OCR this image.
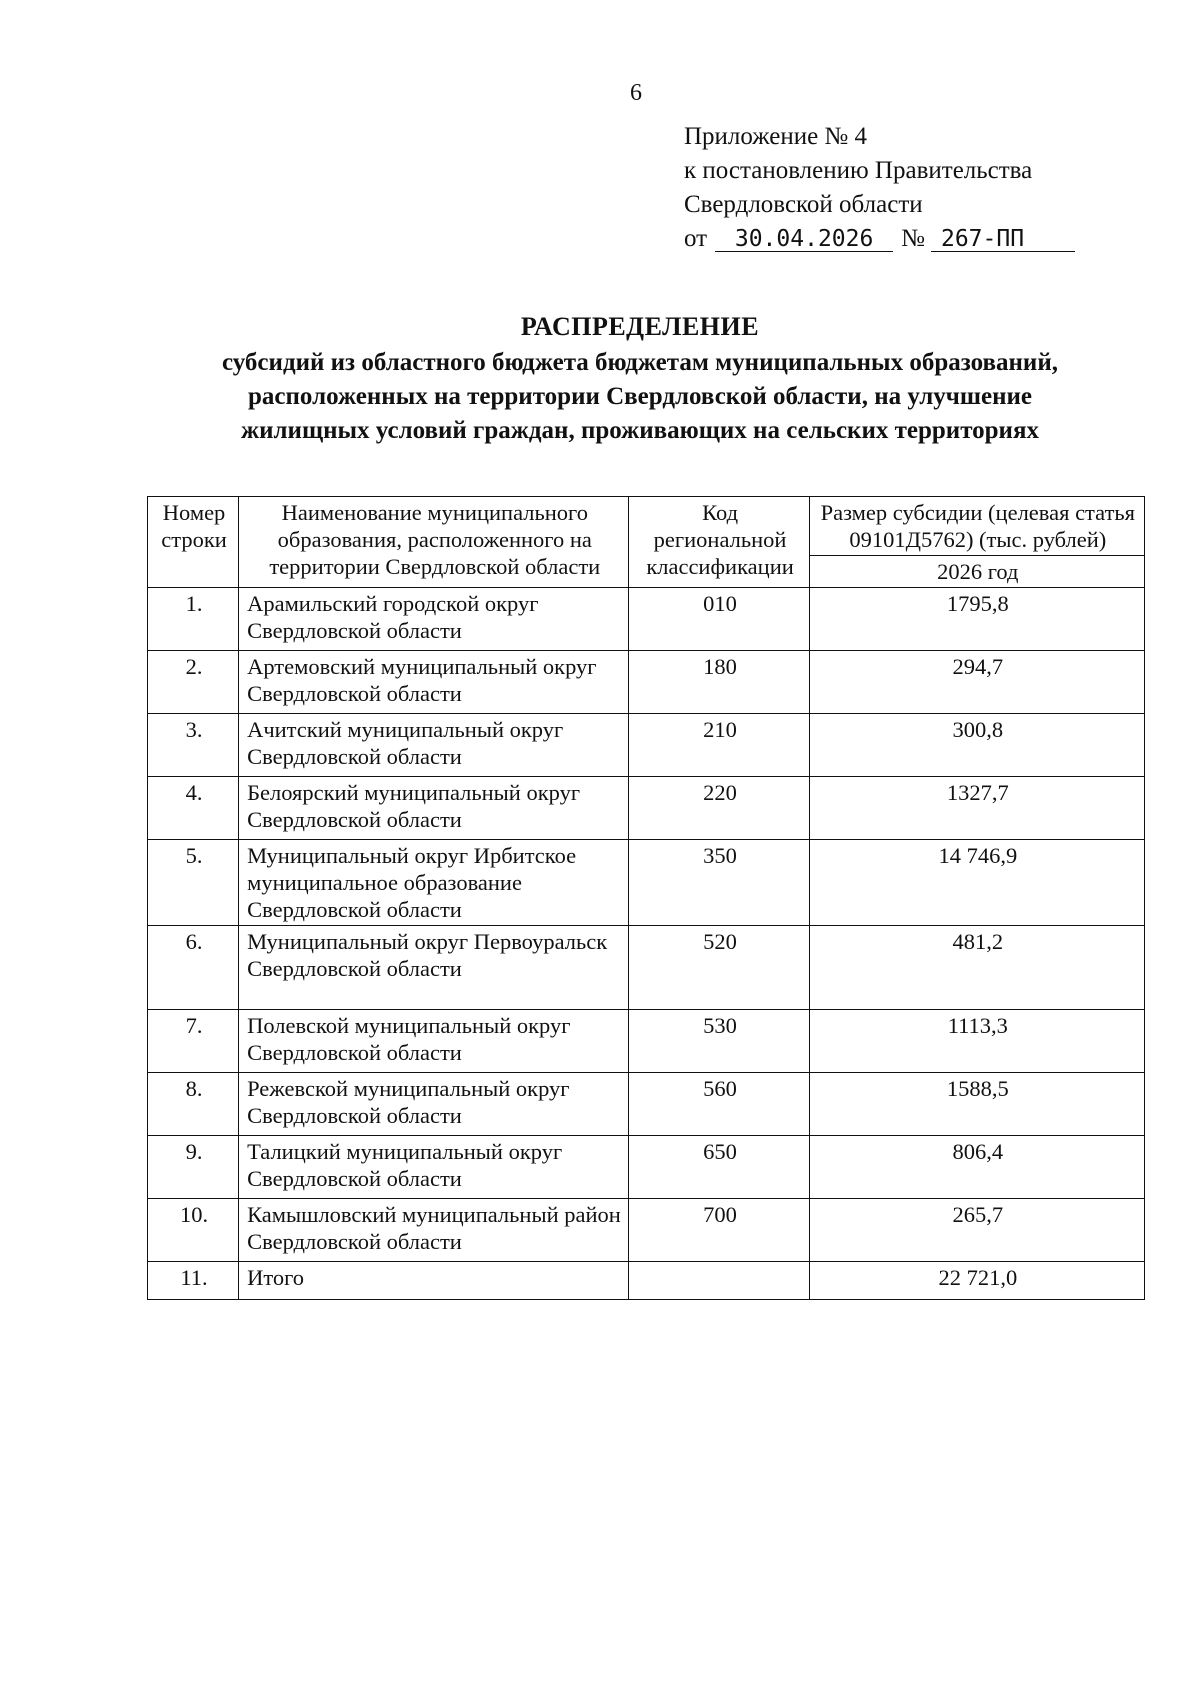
6
Приложение № 4
к постановлению Правительства
Свердловской области
от 30.04.2026 № 267-ПП
РАСПРЕДЕЛЕНИЕ
субсидий из областного бюджета бюджетам муниципальных образований,
расположенных на территории Свердловской области, на улучшение
жилищных условий граждан, проживающих на сельских территориях
Номер строки	Наименование муниципального образования, расположенного на территории Свердловской области	Код региональной классификации	Размер субсидии (целевая статья 09101Д5762) (тыс. рублей)
			2026 год
1.	Арамильский городской округ Свердловской области	010	1795,8
2.	Артемовский муниципальный округ Свердловской области	180	294,7
3.	Ачитский муниципальный округ Свердловской области	210	300,8
4.	Белоярский муниципальный округ Свердловской области	220	1327,7
5.	Муниципальный округ Ирбитское муниципальное образование Свердловской области	350	14 746,9
6.	Муниципальный округ Первоуральск Свердловской области	520	481,2
7.	Полевской муниципальный округ Свердловской области	530	1113,3
8.	Режевской муниципальный округ Свердловской области	560	1588,5
9.	Талицкий муниципальный округ Свердловской области	650	806,4
10.	Камышловский муниципальный район Свердловской области	700	265,7
11.	Итого		22 721,0
